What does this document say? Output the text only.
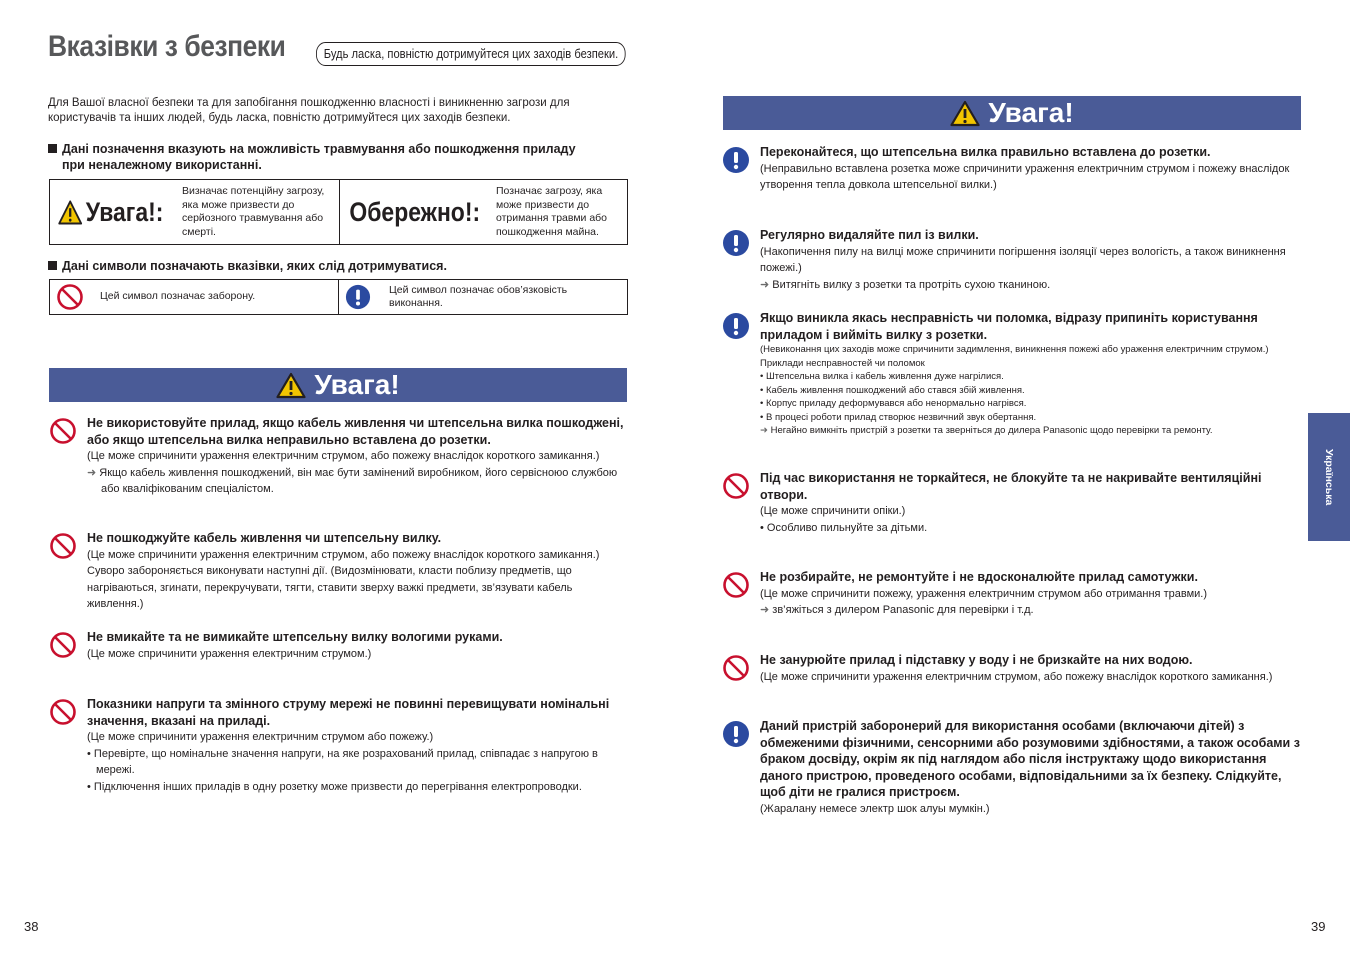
Вказівки з безпеки	Будь ласка, повністю дотримуйтеся цих заходів безпеки.
Для Вашої власної безпеки та для запобігання пошкодженню власності і виникненню загрози для користувачів та інших людей, будь ласка, повністю дотримуйтеся цих заходів безпеки.
Дані позначення вказують на можливість травмування або пошкодження приладу
при неналежному використанні.
Увага!:
Визначає потенційну загрозу, яка може призвести до серйозного травмування або смерті.
Обережно!:
Позначає загрозу, яка може призвести до отримання травми або пошкодження майна.
Дані символи позначають вказівки, яких слід дотримуватися.
Цей символ позначає заборону.
Цей символ позначає обов’язковість виконання.
Увага!
Не використовуйте прилад, якщо кабель живлення чи штепсельна вилка пошкоджені, або якщо штепсельна вилка неправильно вставлена до розетки.
(Це може спричинити ураження електричним струмом, або пожежу внаслідок короткого замикання.)
➜ Якщо кабель живлення пошкоджений, він має бути замінений виробником, його сервісноюо службою або кваліфікованим спеціалістом.
Не пошкоджуйте кабель живлення чи штепсельну вилку.
(Це може спричинити ураження електричним струмом, або пожежу внаслідок короткого замикання.)
Суворо забороняється виконувати наступні дії. (Видозмінювати, класти поблизу предметів, що нагріваються, згинати, перекручувати, тягти, ставити зверху важкі предмети, зв’язувати кабель живлення.)
Не вмикайте та не вимикайте штепсельну вилку вологими руками.
(Це може спричинити ураження електричним струмом.)
Показники напруги та змінного струму мережі не повинні перевищувати номінальні значення, вказані на приладі.
(Це може спричинити ураження електричним струмом або пожежу.)
• Перевірте, що номінальне значення напруги, на яке розрахований прилад, співпадає з напругою в мережі.
• Підключення інших приладів в одну розетку може призвести до перегрівання електропроводки.
38
Увага!
Переконайтеся, що штепсельна вилка правильно вставлена до розетки.
(Неправильно вставлена розетка може спричинити ураження електричним струмом і пожежу внаслідок утворення тепла довкола штепсельної вилки.)
Регулярно видаляйте пил із вилки.
(Накопичення пилу на вилці може спричинити погіршення ізоляції через вологість, а також виникнення пожежі.)
➜ Витягніть вилку з розетки та протріть сухою тканиною.
Якщо виникла якась несправність чи поломка, відразу припиніть користування приладом і вийміть вилку з розетки.
(Невиконання цих заходів може спричинити задимлення, виникнення пожежі або ураження електричним струмом.)
Приклади несправностей чи поломок
• Штепсельна вилка і кабель живлення дуже нагрілися.
• Кабель живлення пошкоджений або стався збій живлення.
• Корпус приладу деформувався або ненормально нагрівся.
• В процесі роботи прилад створює незвичний звук обертання.
➜ Негайно вимкніть пристрій з розетки та зверніться до дилера Panasonic щодо перевірки та ремонту.
Під час використання не торкайтеся, не блокуйте та не накривайте вентиляційні отвори.
(Це може спричинити опіки.)
• Особливо пильнуйте за дітьми.
Не розбирайте, не ремонтуйте і не вдосконалюйте прилад самотужки.
(Це може спричинити пожежу, ураження електричним струмом або отримання травми.)
➜ зв’яжіться з дилером Panasonic для перевірки і т.д.
Не занурюйте прилад і підставку у воду і не бризкайте на них водою.
(Це може спричинити ураження електричним струмом, або пожежу внаслідок короткого замикання.)
Даний пристрій заборонерий для використання особами (включаючи дітей) з обмеженими фізичними, сенсорними або розумовими здібностями, а також особами з браком досвіду, окрім як під наглядом або після інструктажу щодо використання даного пристрою, проведеного особами, відповідальними за їх безпеку. Слідкуйте, щоб діти не гралися пристроєм.
(Жаралану немесе электр шок алуы мумкін.)
39
Українська
